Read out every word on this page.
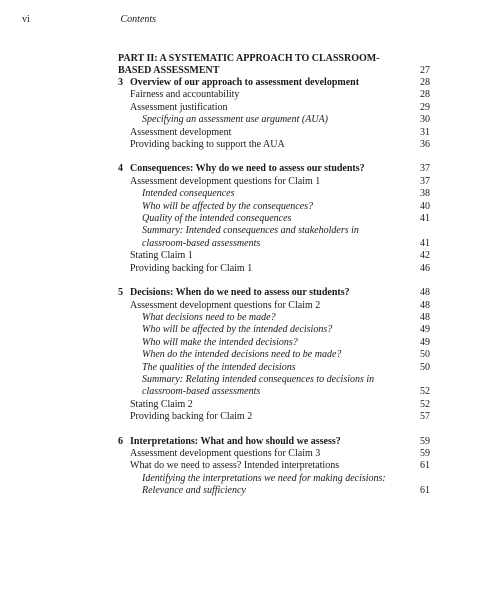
vi	Contents
PART II: A SYSTEMATIC APPROACH TO CLASSROOM-BASED ASSESSMENT	27
3 Overview of our approach to assessment development	28
Fairness and accountability	28
Assessment justification	29
Specifying an assessment use argument (AUA)	30
Assessment development	31
Providing backing to support the AUA	36
4 Consequences: Why do we need to assess our students?	37
Assessment development questions for Claim 1	37
Intended consequences	38
Who will be affected by the consequences?	40
Quality of the intended consequences	41
Summary: Intended consequences and stakeholders in classroom-based assessments	41
Stating Claim 1	42
Providing backing for Claim 1	46
5 Decisions: When do we need to assess our students?	48
Assessment development questions for Claim 2	48
What decisions need to be made?	48
Who will be affected by the intended decisions?	49
Who will make the intended decisions?	49
When do the intended decisions need to be made?	50
The qualities of the intended decisions	50
Summary: Relating intended consequences to decisions in classroom-based assessments	52
Stating Claim 2	52
Providing backing for Claim 2	57
6 Interpretations: What and how should we assess?	59
Assessment development questions for Claim 3	59
What do we need to assess? Intended interpretations	61
Identifying the interpretations we need for making decisions: Relevance and sufficiency	61
